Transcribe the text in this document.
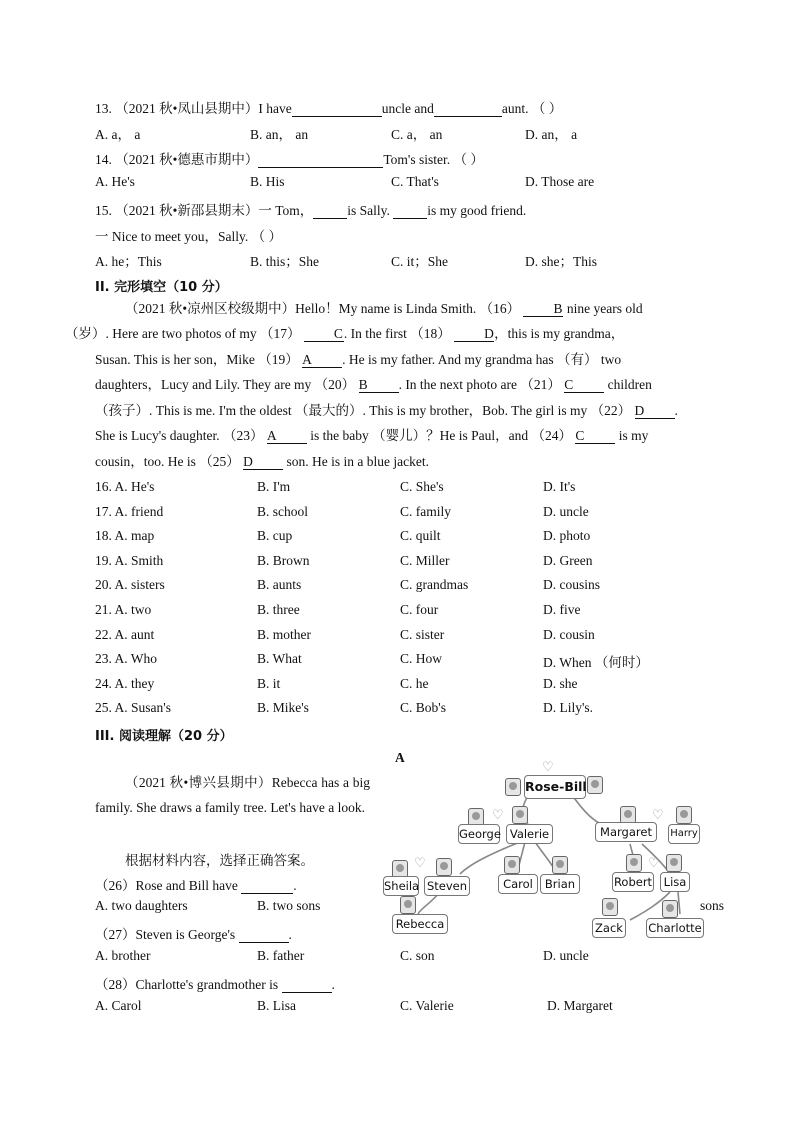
13. （2021 秋•凤山县期中）I have	uncle and	aunt. （ ）
A. a， a	B. an， an	C. a， an	D. an， a
14. （2021 秋•德惠市期中）	Tom's sister. （ ）
A. He's	B. His	C. That's	D. Those are
15. （2021 秋•新邵县期末）一 Tom，	is Sally.	is my good friend.
一 Nice to meet you，Sally. （ ）
A. he；This	B. this；She	C. it；She	D. she；This
II. 完形填空（10 分）
（2021 秋•凉州区校级期中）Hello！My name is Linda Smith. （16） B nine years old
（岁）. Here are two photos of my （17） C. In the first （18） D，this is my grandma，
Susan. This is her son，Mike （19） A . He is my father. And my grandma has （有） two
daughters，Lucy and Lily. They are my （20） B . In the next photo are （21） C	children
（孩子）. This is me. I'm the oldest （最大的）. This is my brother，Bob. The girl is my （22） D .
She is Lucy's daughter. （23） A is the baby （婴儿）？He is Paul，and （24） C	is my
cousin，too. He is （25） D son. He is in a blue jacket.
16. A. He's	B. I'm	C. She's	D. It's
17. A. friend	B. school	C. family	D. uncle
18. A. map	B. cup	C. quilt	D. photo
19. A. Smith	B. Brown	C. Miller	D. Green
20. A. sisters	B. aunts	C. grandmas	D. cousins
21. A. two	B. three	C. four	D. five
22. A. aunt	B. mother	C. sister	D. cousin
23. A. Who	B. What	C. How	D. When （何时）
24. A. they	B. it	C. he	D. she
25. A. Susan's	B. Mike's	C. Bob's	D. Lily's.
III. 阅读理解（20 分）
A
（2021 秋•博兴县期中）Rebecca has a big family. She draws a family tree. Let's have a look.
根据材料内容，选择正确答案。
（26）Rose and Bill have	.
A. two daughters	B. two sons	sons
（27）Steven is George's	.
A. brother	B. father	C. son	D. uncle
（28）Charlotte's grandmother is	.
A. Carol	B. Lisa	C. Valerie	D. Margaret
Rose-Bill
♡
George
♡
Valerie	Margaret
♡
Harry
♡
Sheila Steven	Carol	Brian	Robert
♡
Lisa
Rebecca	Zack Charlotte
